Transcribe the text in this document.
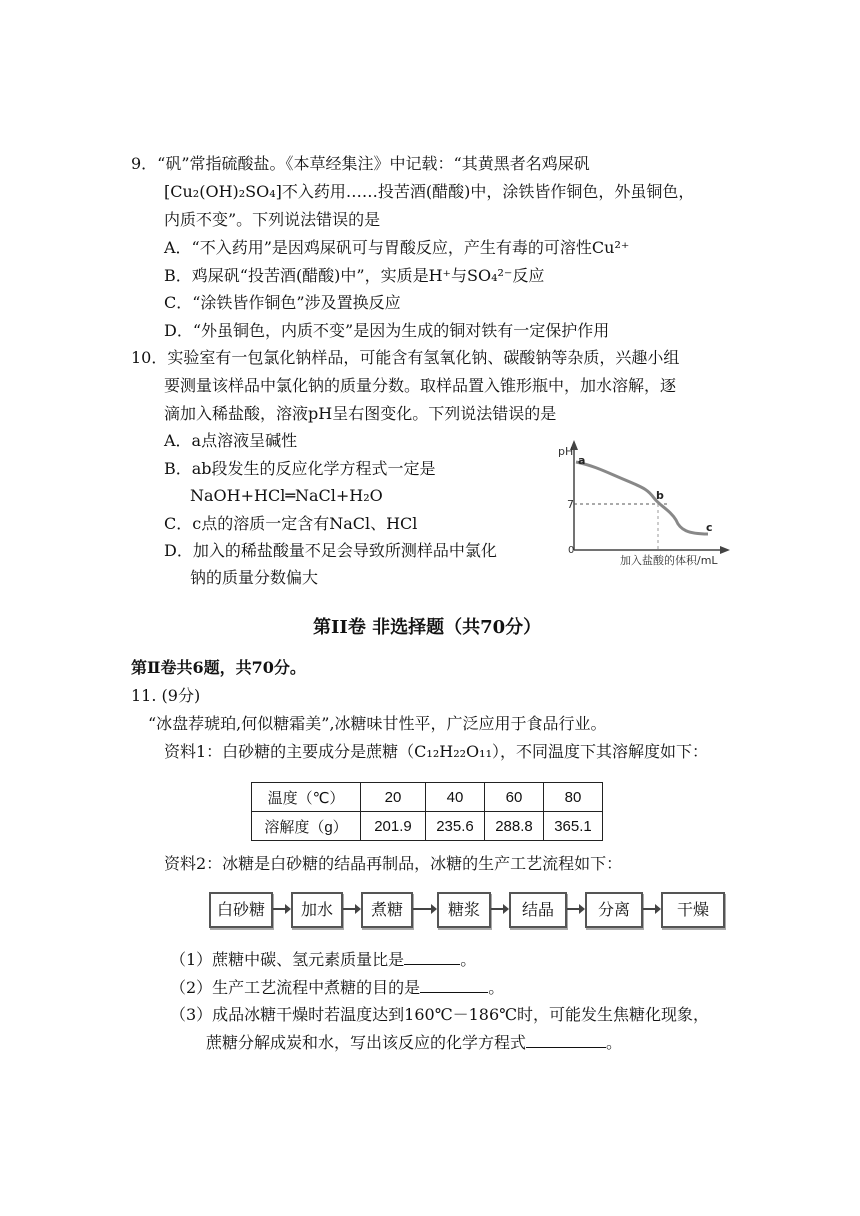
9．“矾”常指硫酸盐。《本草经集注》中记载：“其黄黑者名鸡屎矾
[Cu₂(OH)₂SO₄]不入药用……投苦酒(醋酸)中，涂铁皆作铜色，外虽铜色，
内质不变”。下列说法错误的是
A．“不入药用”是因鸡屎矾可与胃酸反应，产生有毒的可溶性Cu²⁺
B．鸡屎矾“投苦酒(醋酸)中”，实质是H⁺与SO₄²⁻反应
C．“涂铁皆作铜色”涉及置换反应
D．“外虽铜色，内质不变”是因为生成的铜对铁有一定保护作用
10．实验室有一包氯化钠样品，可能含有氢氧化钠、碳酸钠等杂质，兴趣小组
要测量该样品中氯化钠的质量分数。取样品置入锥形瓶中，加水溶解，逐
滴加入稀盐酸，溶液pH呈右图变化。下列说法错误的是
A．a点溶液呈碱性
B．ab段发生的反应化学方程式一定是
NaOH+HCl═NaCl+H₂O
C．c点的溶质一定含有NaCl、HCl
D．加入的稀盐酸量不足会导致所测样品中氯化
钠的质量分数偏大
pH
0
加入盐酸的体积/mL
7
a
b
c
第II卷 非选择题（共70分）
第Ⅱ卷共6题，共70分。
11. (9分)
“冰盘荐琥珀,何似糖霜美”,冰糖味甘性平，广泛应用于食品行业。
资料1：白砂糖的主要成分是蔗糖（C₁₂H₂₂O₁₁），不同温度下其溶解度如下：
温度（℃）	20	40	60	80
溶解度（g）	201.9	235.6	288.8	365.1
资料2：冰糖是白砂糖的结晶再制品，冰糖的生产工艺流程如下：
白砂糖	加水	煮糖	糖浆	结晶	分离	干燥
（1）蔗糖中碳、氢元素质量比是	。
（2）生产工艺流程中煮糖的目的是	。
（3）成品冰糖干燥时若温度达到160℃－186℃时，可能发生焦糖化现象，
蔗糖分解成炭和水，写出该反应的化学方程式	。
